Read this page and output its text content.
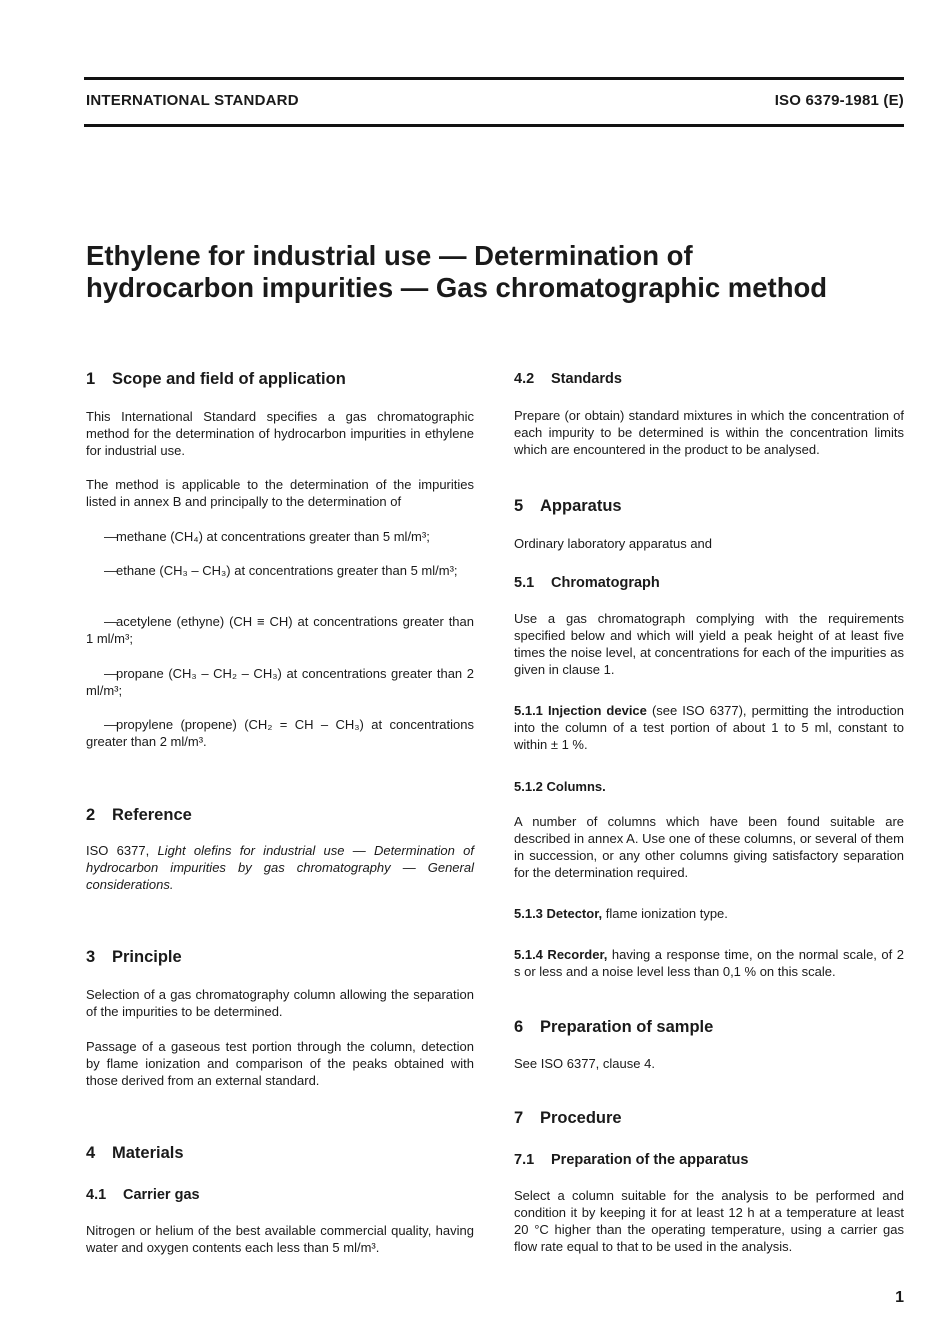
INTERNATIONAL STANDARD	ISO 6379-1981 (E)
Ethylene for industrial use — Determination of
hydrocarbon impurities — Gas chromatographic method
1 Scope and field of application

This International Standard specifies a gas chromatographic method for the determination of hydrocarbon impurities in ethylene for industrial use.

The method is applicable to the determination of the impurities listed in annex B and principally to the determination of

—methane (CH₄) at concentrations greater than 5 ml/m³;
—ethane (CH₃ – CH₃) at concentrations greater than 5 ml/m³;
—acetylene (ethyne) (CH ≡ CH) at concentrations greater than 1 ml/m³;
—propane (CH₃ – CH₂ – CH₃) at concentrations greater than 2 ml/m³;
—propylene (propene) (CH₂ = CH – CH₃) at concentrations greater than 2 ml/m³.
2 Reference

ISO 6377, Light olefins for industrial use — Determination of hydrocarbon impurities by gas chromatography — General considerations.

3 Principle

Selection of a gas chromatography column allowing the separation of the impurities to be determined.

Passage of a gaseous test portion through the column, detection by flame ionization and comparison of the peaks obtained with those derived from an external standard.

4 Materials
4.1 Carrier gas

Nitrogen or helium of the best available commercial quality, having water and oxygen contents each less than 5 ml/m³.

4.2 Standards

Prepare (or obtain) standard mixtures in which the concentration of each impurity to be determined is within the concentration limits which are encountered in the product to be analysed.

5 Apparatus

Ordinary laboratory apparatus and

5.1 Chromatograph

Use a gas chromatograph complying with the requirements specified below and which will yield a peak height of at least five times the noise level, at concentrations for each of the impurities as given in clause 1.

5.1.1 Injection device (see ISO 6377), permitting the introduction into the column of a test portion of about 1 to 5 ml, constant to within ± 1 %.

5.1.2 Columns.

A number of columns which have been found suitable are described in annex A. Use one of these columns, or several of them in succession, or any other columns giving satisfactory separation for the determination required.

5.1.3 Detector, flame ionization type.

5.1.4 Recorder, having a response time, on the normal scale, of 2 s or less and a noise level less than 0,1 % on this scale.

6 Preparation of sample

See ISO 6377, clause 4.

7 Procedure
7.1 Preparation of the apparatus

Select a column suitable for the analysis to be performed and condition it by keeping it for at least 12 h at a temperature at least 20 °C higher than the operating temperature, using a carrier gas flow rate equal to that to be used in the analysis.

1
